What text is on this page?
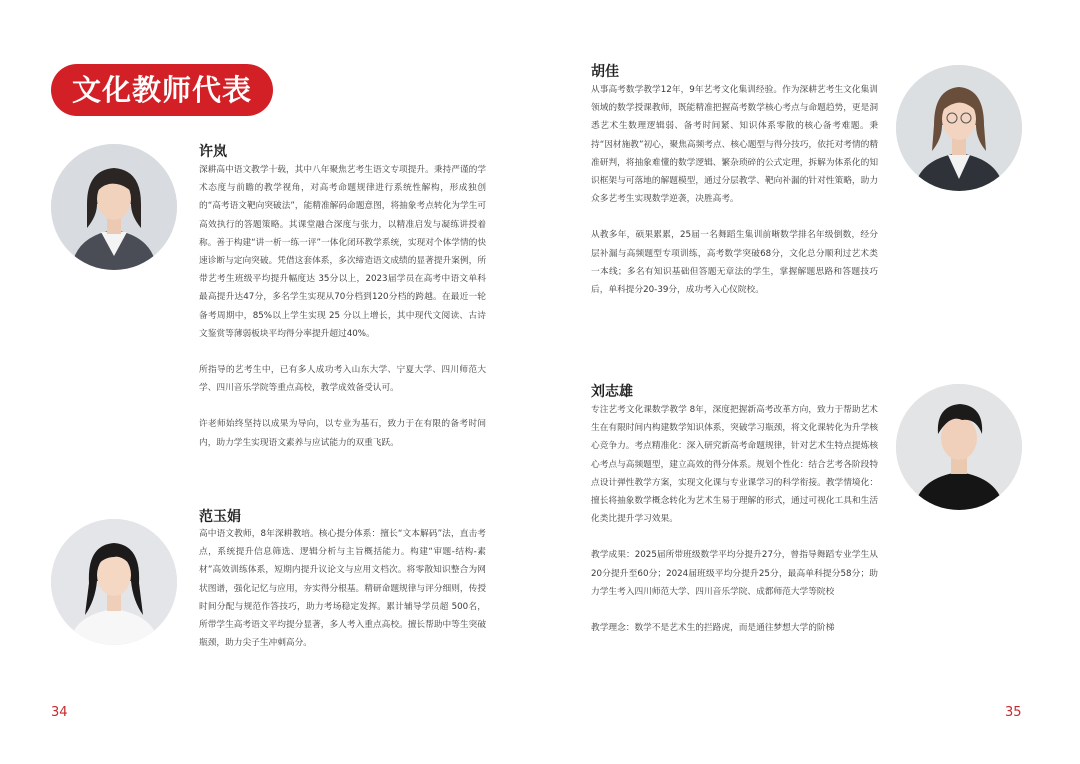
文化教师代表
许岚

深耕高中语文教学十载，其中八年聚焦艺考生语文专项提升。秉持严谨的学术态度与前瞻的教学视角，对高考命题规律进行系统性解构，形成独创的“高考语文靶向突破法”，能精准解码命题意图，将抽象考点转化为学生可高效执行的答题策略。其课堂融合深度与张力，以精准启发与凝练讲授着称。善于构建“讲一析一练一评”一体化闭环教学系统，实现对个体学情的快速诊断与定向突破。凭借这套体系，多次缔造语文成绩的显著提升案例，所带艺考生班级平均提升幅度达 35分以上，2023届学员在高考中语文单科最高提升达47分，多名学生实现从70分档到120分档的跨越。在最近一轮备考周期中，85%以上学生实现 25 分以上增长，其中现代文阅读、古诗文鉴赏等薄弱板块平均得分率提升超过40%。

所指导的艺考生中，已有多人成功考入山东大学、宁夏大学、四川师范大学、四川音乐学院等重点高校，教学成效备受认可。

许老师始终坚持以成果为导向，以专业为基石，致力于在有限的备考时间内，助力学生实现语文素养与应试能力的双重飞跃。

范玉娟

高中语文教师，8年深耕教培。核心提分体系：擅长“文本解码”法，直击考点，系统提升信息筛选、逻辑分析与主旨概括能力。构建“审题-结构-素材”高效训练体系，短期内提升议论文与应用文档次。将零散知识整合为网状图谱，强化记忆与应用，夯实得分根基。精研命题规律与评分细则，传授时间分配与规范作答技巧，助力考场稳定发挥。累计辅导学员超 500名，所带学生高考语文平均提分显著，多人考入重点高校。擅长帮助中等生突破瓶颈，助力尖子生冲刺高分。

胡佳

从事高考数学教学12年，9年艺考文化集训经验。作为深耕艺考生文化集训领域的数学授课教师，既能精准把握高考数学核心考点与命题趋势，更是洞悉艺术生数理逻辑弱、备考时间紧、知识体系零散的核心备考难题。秉持“因材施教”初心，聚焦高频考点、核心题型与得分技巧，依托对考情的精准研判，将抽象难懂的数学逻辑、繁杂琐碎的公式定理，拆解为体系化的知识框架与可落地的解题模型，通过分层教学、靶向补漏的针对性策略，助力众多艺考生实现数学逆袭，决胜高考。

从教多年，硕果累累，25届一名舞蹈生集训前晰数学排名年级倒数，经分层补漏与高频题型专项训练，高考数学突破68分，文化总分顺利过艺术类一本线；多名有知识基础但答题无章法的学生，掌握解题思路和答题技巧后，单科提分20-39分，成功考入心仪院校。

刘志雄

专注艺考文化课数学教学 8年，深度把握新高考改革方向，致力于帮助艺术生在有限时间内构建数学知识体系，突破学习瓶颈，将文化课转化为升学核心竞争力。考点精准化：深入研究新高考命题规律，针对艺术生特点提炼核心考点与高频题型，建立高效的得分体系。规划个性化：结合艺考各阶段特点设计弹性教学方案，实现文化课与专业课学习的科学衔接。教学情境化：擅长将抽象数学概念转化为艺术生易于理解的形式，通过可视化工具和生活化类比提升学习效果。

教学成果：2025届所带班级数学平均分提升27分，曾指导舞蹈专业学生从20分提升至60分；2024届班级平均分提升25分，最高单科提分58分；助力学生考入四川师范大学、四川音乐学院、成都师范大学等院校

教学理念：数学不是艺术生的拦路虎，而是通往梦想大学的阶梯

34	35
